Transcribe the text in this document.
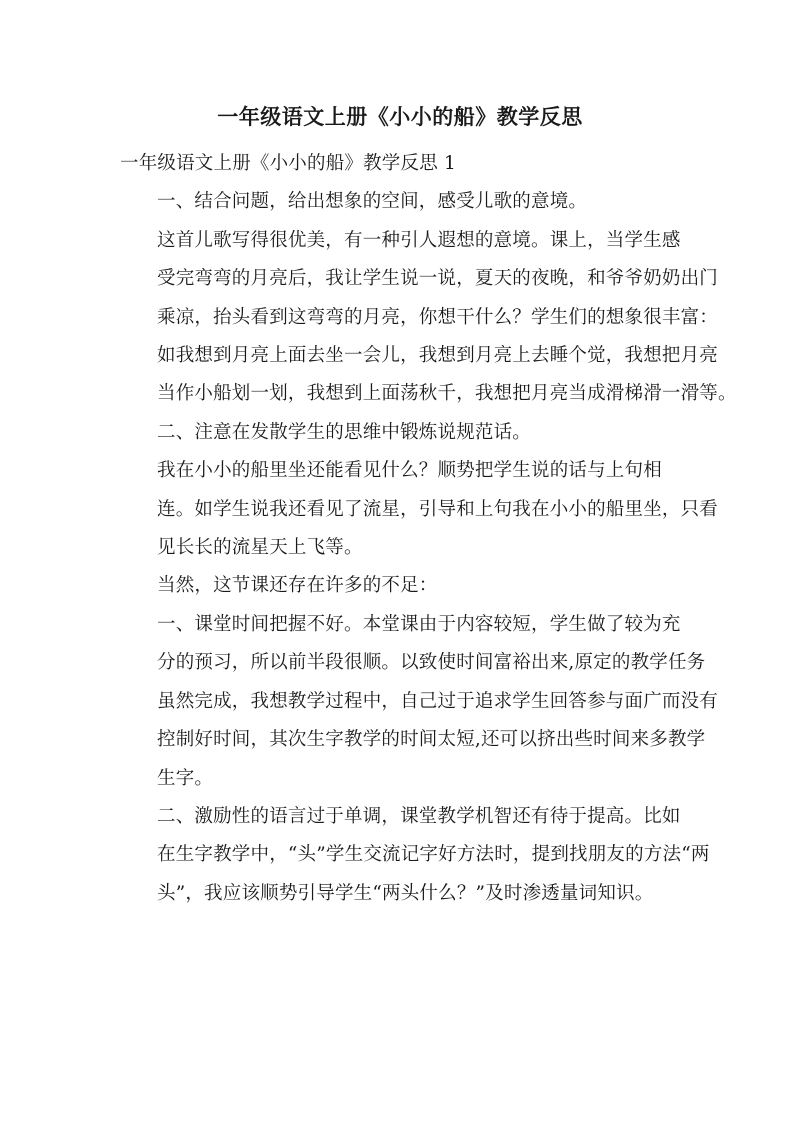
一年级语文上册《小小的船》教学反思

一年级语文上册《小小的船》教学反思 1

一、结合问题，给出想象的空间，感受儿歌的意境。

这首儿歌写得很优美，有一种引人遐想的意境。课上，当学生感
受完弯弯的月亮后，我让学生说一说，夏天的夜晚，和爷爷奶奶出门
乘凉，抬头看到这弯弯的月亮，你想干什么？学生们的想象很丰富：
如我想到月亮上面去坐一会儿，我想到月亮上去睡个觉，我想把月亮
当作小船划一划，我想到上面荡秋千，我想把月亮当成滑梯滑一滑等。

二、注意在发散学生的思维中锻炼说规范话。

我在小小的船里坐还能看见什么？顺势把学生说的话与上句相
连。如学生说我还看见了流星，引导和上句我在小小的船里坐，只看
见长长的流星天上飞等。

当然，这节课还存在许多的不足：

一、课堂时间把握不好。本堂课由于内容较短，学生做了较为充
分的预习，所以前半段很顺。以致使时间富裕出来,原定的教学任务
虽然完成，我想教学过程中，自己过于追求学生回答参与面广而没有
控制好时间，其次生字教学的时间太短,还可以挤出些时间来多教学
生字。

二、激励性的语言过于单调，课堂教学机智还有待于提高。比如
在生字教学中，“头”学生交流记字好方法时，提到找朋友的方法“两
头”，我应该顺势引导学生“两头什么？”及时渗透量词知识。
